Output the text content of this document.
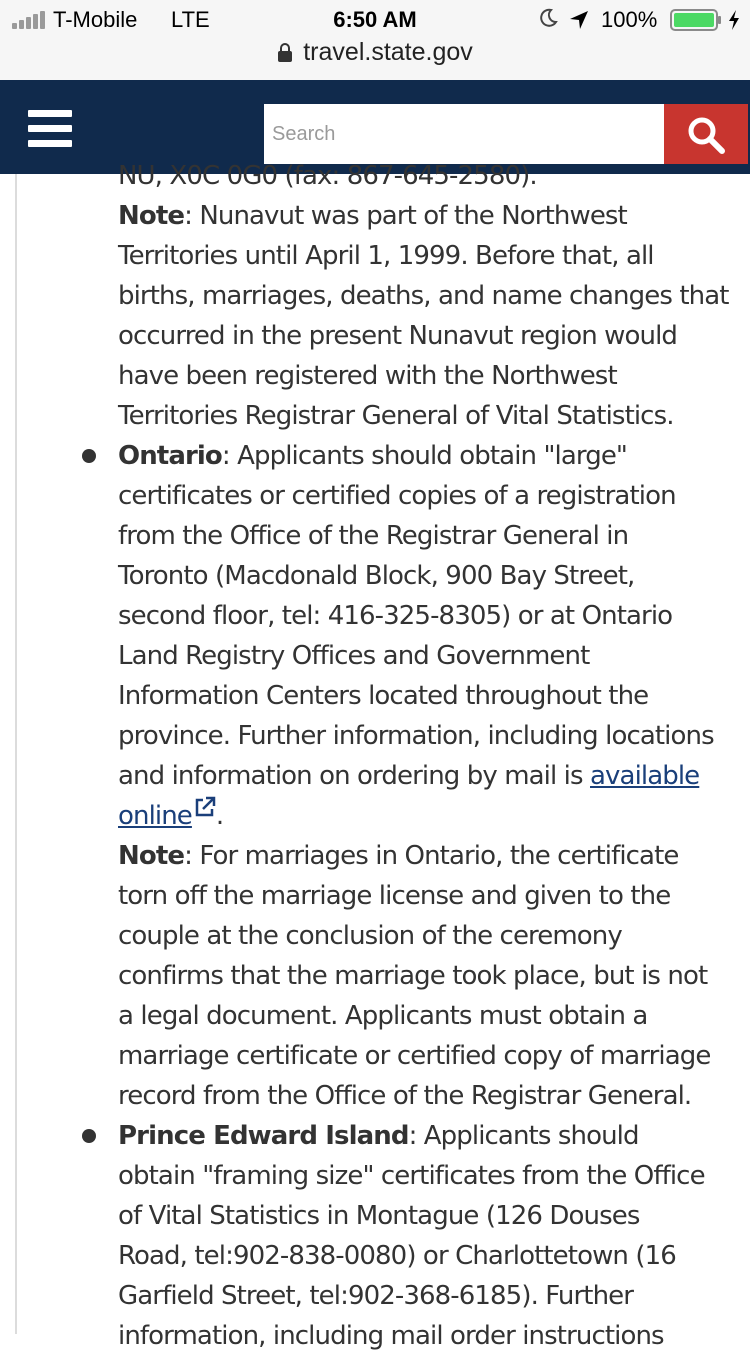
T-Mobile LTE	6:50 AM	100%
travel.state.gov
Search
NU, X0C 0G0 (fax: 867-645-2580).
Note: Nunavut was part of the Northwest
Territories until April 1, 1999. Before that, all
births, marriages, deaths, and name changes that
occurred in the present Nunavut region would
have been registered with the Northwest
Territories Registrar General of Vital Statistics.
Ontario: Applicants should obtain "large"
certificates or certified copies of a registration
from the Office of the Registrar General in
Toronto (Macdonald Block, 900 Bay Street,
second floor, tel: 416-325-8305) or at Ontario
Land Registry Offices and Government
Information Centers located throughout the
province. Further information, including locations
and information on ordering by mail is available
online .
Note: For marriages in Ontario, the certificate
torn off the marriage license and given to the
couple at the conclusion of the ceremony
confirms that the marriage took place, but is not
a legal document. Applicants must obtain a
marriage certificate or certified copy of marriage
record from the Office of the Registrar General.
Prince Edward Island: Applicants should
obtain "framing size" certificates from the Office
of Vital Statistics in Montague (126 Douses
Road, tel:902-838-0080) or Charlottetown (16
Garfield Street, tel:902-368-6185). Further
information, including mail order instructions
